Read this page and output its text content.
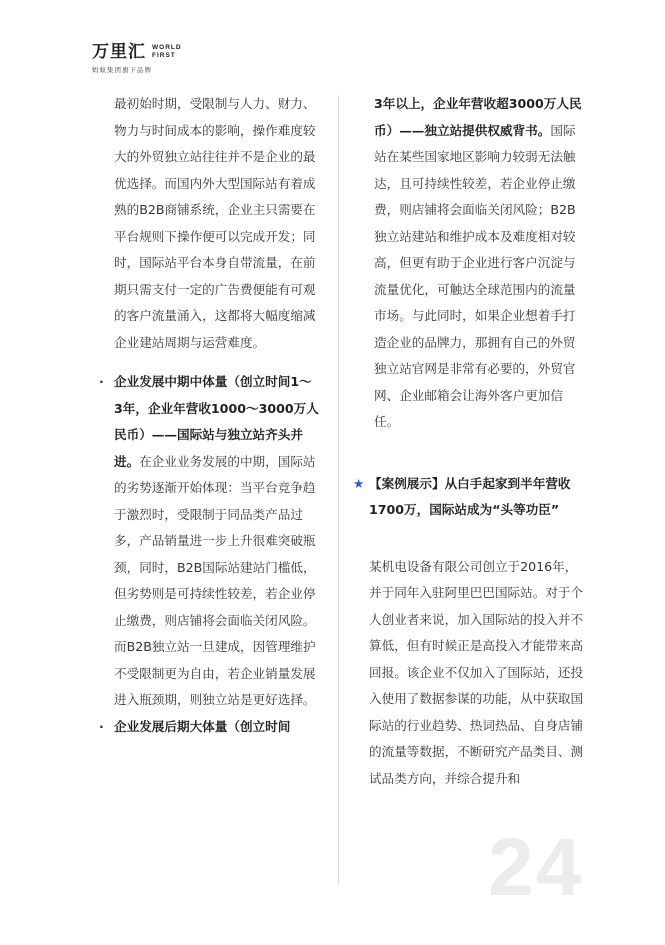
万里汇 WORLD
FIRST
蚂蚁集团旗下品牌

最初始时期，受限制与人力、财力、物力与时间成本的影响，操作难度较大的外贸独立站往往并不是企业的最优选择。而国内外大型国际站有着成熟的B2B商铺系统，企业主只需要在平台规则下操作便可以完成开发；同时，国际站平台本身自带流量，在前期只需支付一定的广告费便能有可观的客户流量涌入，这都将大幅度缩减企业建站周期与运营难度。

· 企业发展中期中体量（创立时间1～3年，企业年营收1000～3000万人民币）——国际站与独立站齐头并进。在企业业务发展的中期，国际站的劣势逐渐开始体现：当平台竞争趋于激烈时，受限制于同品类产品过多，产品销量进一步上升很难突破瓶颈，同时，B2B国际站建站门槛低，但劣势则是可持续性较差，若企业停止缴费，则店铺将会面临关闭风险。而B2B独立站一旦建成，因管理维护不受限制更为自由，若企业销量发展进入瓶颈期，则独立站是更好选择。

· 企业发展后期大体量（创立时间

3年以上，企业年营收超3000万人民币）——独立站提供权威背书。国际站在某些国家地区影响力较弱无法触达，且可持续性较差，若企业停止缴费，则店铺将会面临关闭风险；B2B独立站建站和维护成本及难度相对较高，但更有助于企业进行客户沉淀与流量优化，可触达全球范围内的流量市场。与此同时，如果企业想着手打造企业的品牌力，那拥有自己的外贸独立站官网是非常有必要的，外贸官网、企业邮箱会让海外客户更加信任。

★ 【案例展示】从白手起家到半年营收1700万，国际站成为“头等功臣”

某机电设备有限公司创立于2016年，并于同年入驻阿里巴巴国际站。对于个人创业者来说，加入国际站的投入并不算低，但有时候正是高投入才能带来高回报。该企业不仅加入了国际站，还投入使用了数据参谋的功能，从中获取国际站的行业趋势、热词热品、自身店铺的流量等数据，不断研究产品类目、测试品类方向，并综合提升和

24
